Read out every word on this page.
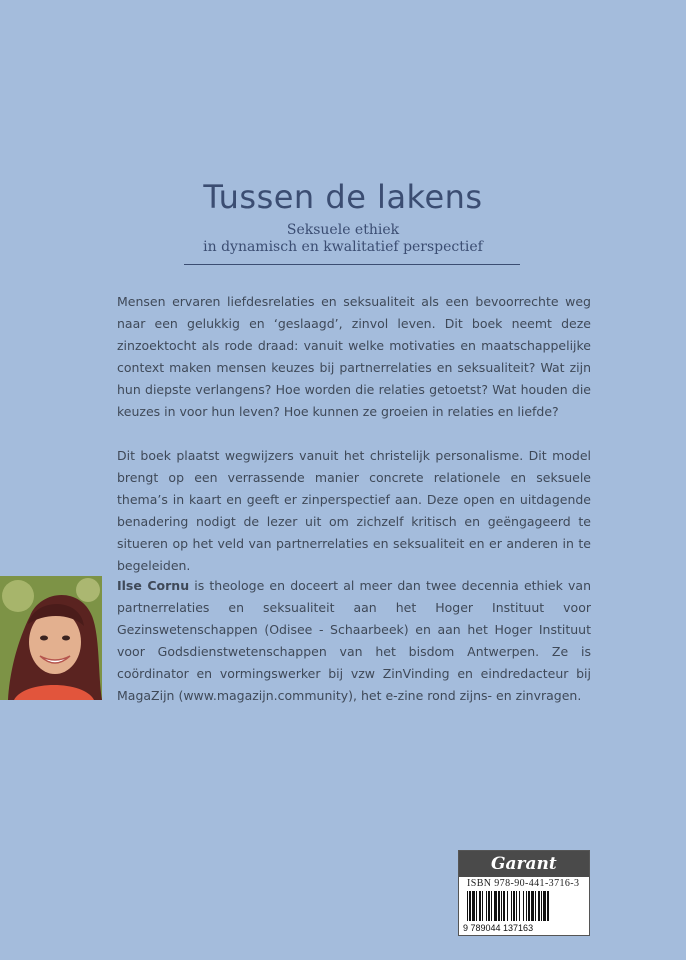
Tussen de lakens
Seksuele ethiek
in dynamisch en kwalitatief perspectief

Mensen ervaren liefdesrelaties en seksualiteit als een bevoorrechte weg naar een gelukkig en ‘geslaagd’, zinvol leven. Dit boek neemt deze zinzoektocht als rode draad: vanuit welke motivaties en maatschappelijke context maken mensen keuzes bij partnerrelaties en seksualiteit? Wat zijn hun diepste verlangens? Hoe worden die relaties getoetst? Wat houden die keuzes in voor hun leven? Hoe kunnen ze groeien in relaties en liefde?

Dit boek plaatst wegwijzers vanuit het christelijk personalisme. Dit model brengt op een verrassende manier concrete relationele en seksuele thema’s in kaart en geeft er zinperspectief aan. Deze open en uitdagende benadering nodigt de lezer uit om zichzelf kritisch en geëngageerd te situeren op het veld van partnerrelaties en seksualiteit en er anderen in te begeleiden.

Ilse Cornu is theologe en doceert al meer dan twee decennia ethiek van partnerrelaties en seksualiteit aan het Hoger Instituut voor Gezinswetenschappen (Odisee - Schaarbeek) en aan het Hoger Instituut voor Godsdienstwetenschappen van het bisdom Antwerpen. Ze is coördinator en vormingswerker bij vzw ZinVinding en eindredacteur bij MagaZijn (www.magazijn.community), het e-zine rond zijns- en zinvragen.

Garant
ISBN 978-90-441-3716-3
9 789044 137163
